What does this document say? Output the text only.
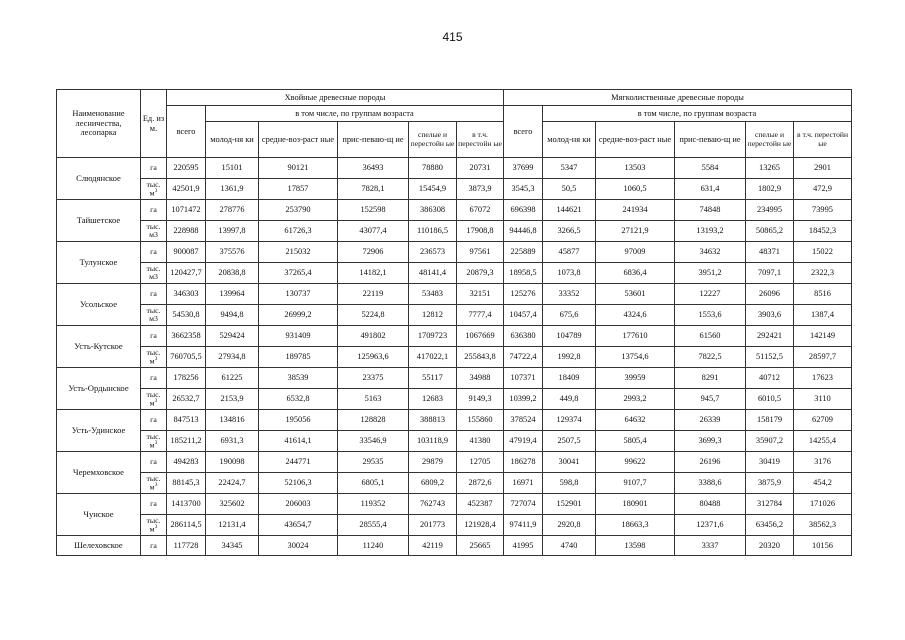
415
Наименование лесничества, лесопарка	Ед. из м.	Хвойные древесные породы						Мягколиственные древесные породы					
		всего	в том числе, по группам возраста					всего	в том числе, по группам возраста				
			молод-ня ки	средне-воз-раст ные	прис-певаю-щ ие	спелые и перестойн ые	в т.ч. перестойн ые		молод-ня ки	средне-воз-раст ные	прис-певаю-щ ие	спелые и перестойн ые	в т.ч. перестойн ые
Слюдянское	га	220595	15101	90121	36493	78880	20731	37699	5347	13503	5584	13265	2901
	тыс. $м^3$	42501,9	1361,9	17857	7828,1	15454,9	3873,9	3545,3	50,5	1060,5	631,4	1802,9	472,9
Тайшетское	га	1071472	278776	253790	152598	386308	67072	696398	144621	241934	74848	234995	73995
	тыс. м3	228988	13997,8	61726,3	43077,4	110186,5	17908,8	94446,8	3266,5	27121,9	13193,2	50865,2	18452,3
Тулунское	га	900087	375576	215032	72906	236573	97561	225889	45877	97009	34632	48371	15022
	тыс. м3	120427,7	20838,8	37265,4	14182,1	48141,4	20879,3	18958,5	1073,8	6836,4	3951,2	7097,1	2322,3
Усольское	га	346303	139964	130737	22119	53483	32151	125276	33352	53601	12227	26096	8516
	тыс. м3	54530,8	9494,8	26999,2	5224,8	12812	7777,4	10457,4	675,6	4324,6	1553,6	3903,6	1387,4
Усть-Кутское	га	3662358	529424	931409	491802	1709723	1067669	636380	104789	177610	61560	292421	142149
	тыс. $м^3$	760705,5	27934,8	189785	125963,6	417022,1	255843,8	74722,4	1992,8	13754,6	7822,5	51152,5	28597,7
Усть-Ордынское	га	178256	61225	38539	23375	55117	34988	107371	18409	39959	8291	40712	17623
	тыс. $м^3$	26532,7	2153,9	6532,8	5163	12683	9149,3	10399,2	449,8	2993,2	945,7	6010,5	3110
Усть-Удинское	га	847513	134816	195056	128828	388813	155860	378524	129374	64632	26339	158179	62709
	тыс. $м^3$	185211,2	6931,3	41614,1	33546,9	103118,9	41380	47919,4	2507,5	5805,4	3699,3	35907,2	14255,4
Черемховское	га	494283	190098	244771	29535	29879	12705	186278	30041	99622	26196	30419	3176
	тыс. $м^3$	88145,3	22424,7	52106,3	6805,1	6809,2	2872,6	16971	598,8	9107,7	3388,6	3875,9	454,2
Чунское	га	1413700	325602	206003	119352	762743	452387	727074	152901	180901	80488	312784	171026
	тыс. $м^3$	286114,5	12131,4	43654,7	28555,4	201773	121928,4	97411,9	2920,8	18663,3	12371,6	63456,2	38562,3
Шелеховское	га	117728	34345	30024	11240	42119	25665	41995	4740	13598	3337	20320	10156
